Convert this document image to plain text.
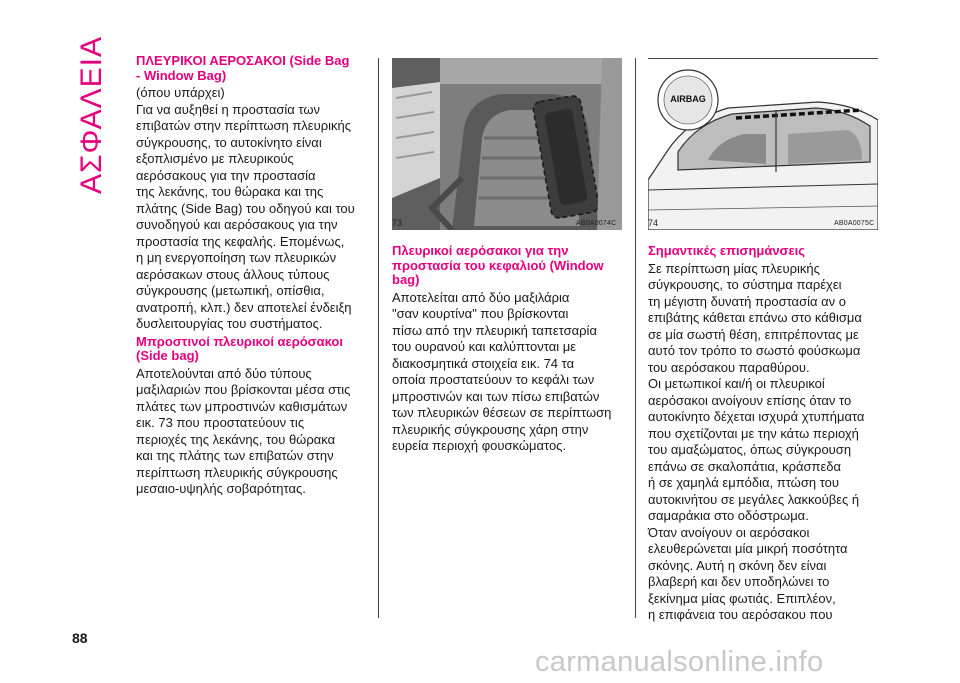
ΑΣΦΑΛΕΙΑ ΠΛΕΥΡΙΚΟΙ ΑΕΡΟΣΑΚΟΙ (Side Bag
- Window Bag)

(όπου υπάρχει)
Για να αυξηθεί η προστασία των
επιβατών στην περίπτωση πλευρικής
σύγκρουσης, το αυτοκίνητο είναι
εξοπλισμένο με πλευρικούς
αερόσακους για την προστασία
της λεκάνης, του θώρακα και της
πλάτης (Side Bag) του οδηγού και του
συνοδηγού και αερόσακους για την
προστασία της κεφαλής. Επομένως,
η μη ενεργοποίηση των πλευρικών
αερόσακων στους άλλους τύπους
σύγκρουσης (μετωπική, οπίσθια,
ανατροπή, κλπ.) δεν αποτελεί ένδειξη
δυσλειτουργίας του συστήματος.

Μπροστινοί πλευρικοί αερόσακοι
(Side bag)

Αποτελούνται από δύο τύπους
μαξιλαριών που βρίσκονται μέσα στις
πλάτες των μπροστινών καθισμάτων
εικ. 73 που προστατεύουν τις
περιοχές της λεκάνης, του θώρακα
και της πλάτης των επιβατών στην
περίπτωση πλευρικής σύγκρουσης
μεσαιο-υψηλής σοβαρότητας.

73	AB0A0074C

Πλευρικοί αερόσακοι για την
προστασία του κεφαλιού (Window
bag)

Αποτελείται από δύο μαξιλάρια
"σαν κουρτίνα" που βρίσκονται
πίσω από την πλευρική ταπετσαρία
του ουρανού και καλύπτονται με
διακοσμητικά στοιχεία εικ. 74 τα
οποία προστατεύουν το κεφάλι των
μπροστινών και των πίσω επιβατών
των πλευρικών θέσεων σε περίπτωση
πλευρικής σύγκρουσης χάρη στην
ευρεία περιοχή φουσκώματος.

AIRBAG
74	AB0A0075C

Σημαντικές επισημάνσεις

Σε περίπτωση μίας πλευρικής
σύγκρουσης, το σύστημα παρέχει
τη μέγιστη δυνατή προστασία αν ο
επιβάτης κάθεται επάνω στο κάθισμα
σε μία σωστή θέση, επιτρέποντας με
αυτό τον τρόπο το σωστό φούσκωμα
του αερόσακου παραθύρου.

Οι μετωπικοί και/ή οι πλευρικοί
αερόσακοι ανοίγουν επίσης όταν το
αυτοκίνητο δέχεται ισχυρά χτυπήματα
που σχετίζονται με την κάτω περιοχή
του αμαξώματος, όπως σύγκρουση
επάνω σε σκαλοπάτια, κράσπεδα
ή σε χαμηλά εμπόδια, πτώση του
αυτοκινήτου σε μεγάλες λακκούβες ή
σαμαράκια στο οδόστρωμα.

Όταν ανοίγουν οι αερόσακοι
ελευθερώνεται μία μικρή ποσότητα
σκόνης. Αυτή η σκόνη δεν είναι
βλαβερή και δεν υποδηλώνει το
ξεκίνημα μίας φωτιάς. Επιπλέον,
η επιφάνεια του αερόσακου που

88
carmanualsonline.info
